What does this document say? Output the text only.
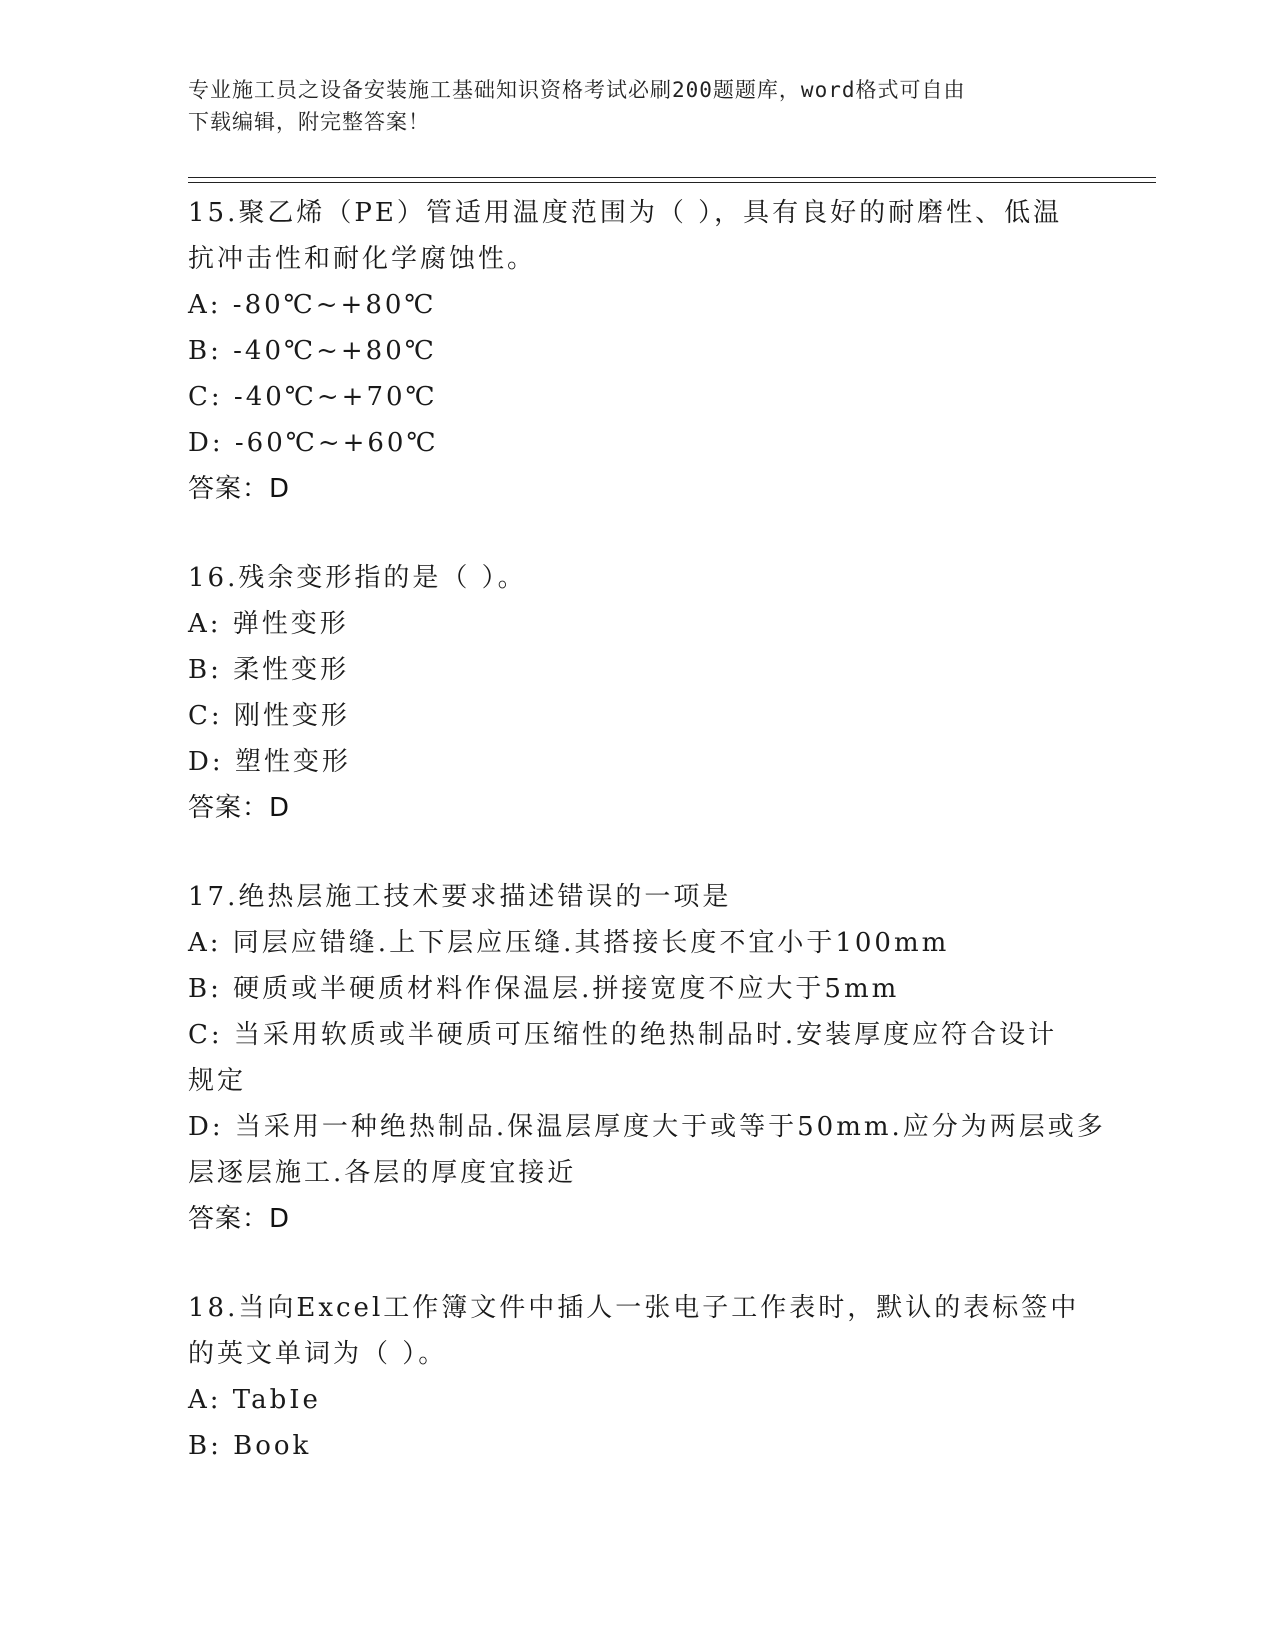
专业施工员之设备安装施工基础知识资格考试必刷200题题库，word格式可自由
下载编辑，附完整答案！
15.聚乙烯（PE）管适用温度范围为（ ），具有良好的耐磨性、低温
抗冲击性和耐化学腐蚀性。
A: -80℃~+80℃
B: -40℃~+80℃
C: -40℃~+70℃
D: -60℃~+60℃
答案：D
16.残余变形指的是（ ）。
A: 弹性变形
B: 柔性变形
C: 刚性变形
D: 塑性变形
答案：D
17.绝热层施工技术要求描述错误的一项是
A: 同层应错缝.上下层应压缝.其搭接长度不宜小于100mm
B: 硬质或半硬质材料作保温层.拼接宽度不应大于5mm
C: 当采用软质或半硬质可压缩性的绝热制品时.安装厚度应符合设计
规定
D: 当采用一种绝热制品.保温层厚度大于或等于50mm.应分为两层或多
层逐层施工.各层的厚度宜接近
答案：D
18.当向Excel工作簿文件中插人一张电子工作表时，默认的表标签中
的英文单词为（ ）。
A: TabIe
B: Book
